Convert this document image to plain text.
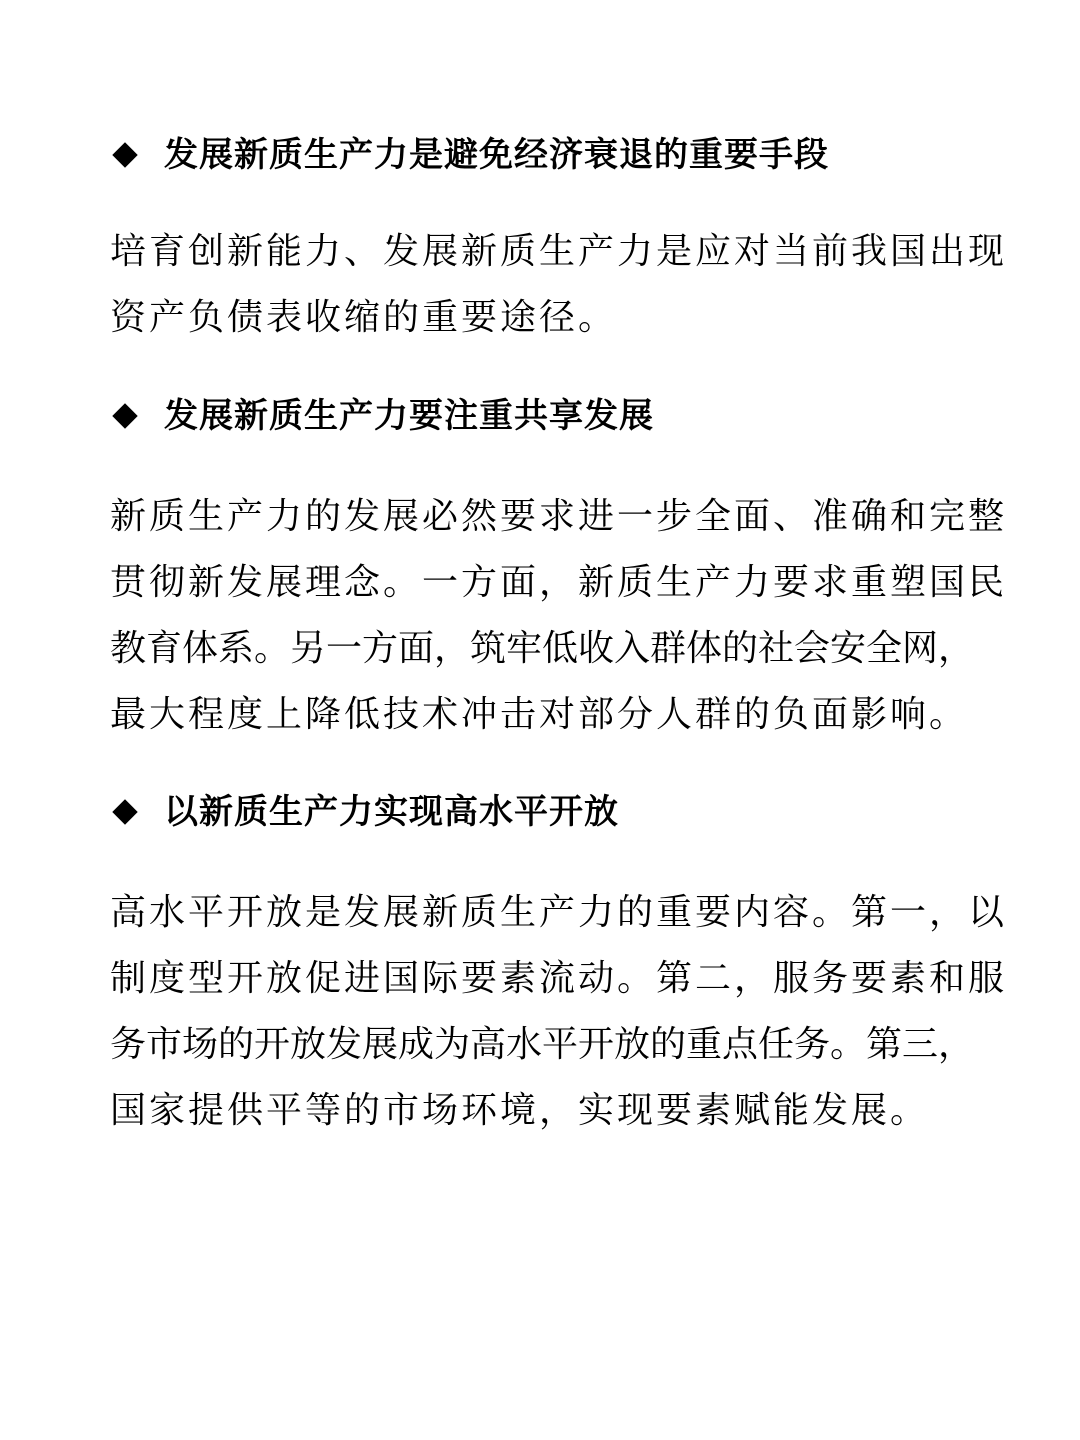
发展新质生产力是避免经济衰退的重要手段
培育创新能力、发展新质生产力是应对当前我国出现
资产负债表收缩的重要途径。
发展新质生产力要注重共享发展
新质生产力的发展必然要求进一步全面、准确和完整
贯彻新发展理念。一方面，新质生产力要求重塑国民
教育体系。另一方面，筑牢低收入群体的社会安全网，
最大程度上降低技术冲击对部分人群的负面影响。
以新质生产力实现高水平开放
高水平开放是发展新质生产力的重要内容。第一，以
制度型开放促进国际要素流动。第二，服务要素和服
务市场的开放发展成为高水平开放的重点任务。第三，
国家提供平等的市场环境，实现要素赋能发展。
